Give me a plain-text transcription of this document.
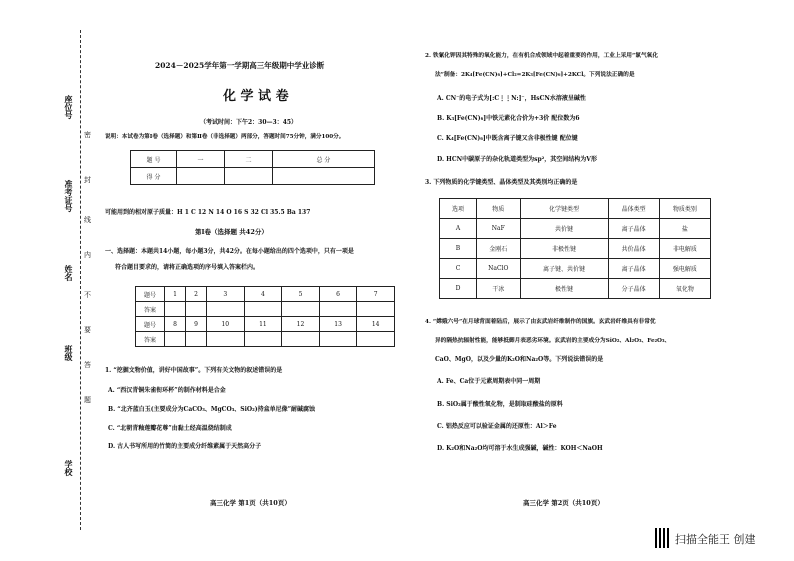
座位号
准考证号
姓名
班级
学校
密
封
线
内
不
要
答
题
2024－2025学年第一学期高三年级期中学业诊断
化 学 试 卷
（考试时间：下午2：30—3：45）
说明：本试卷为第Ⅰ卷（选择题）和第Ⅱ卷（非选择题）两部分，答题时间75分钟，满分100分。
题 号	一	二	总 分
得 分			
可能用到的相对原子质量：H 1 C 12 N 14 O 16 S 32 Cl 35.5 Ba 137
第Ⅰ卷（选择题 共42分）
一、选择题：本题共14小题，每小题3分，共42分。在每小题给出的四个选项中，只有一项是
符合题目要求的，请将正确选项的序号填入答案栏内。
题号	1	2	3	4	5	6	7
答案							
题号	8	9	10	11	12	13	14
答案							
1. “挖掘文物价值，讲好中国故事”。下列有关文物的叙述错误的是
A. “西汉青铜朱雀衔环杯”的制作材料是合金
B. “北齐蓝白玉(主要成分为CaCO₃、MgCO₃、SiO₂)持盒单尼像”耐碱腐蚀
C. “北朝青釉莲瓣花尊”由黏土经高温烧结制成
D. 古人书写所用的竹简的主要成分纤维素属于天然高分子
高三化学 第1页（共10页）
2. 铁氰化钾因其特殊的氧化能力，在有机合成领域中起着重要的作用，工业上采用“氯气氧化
法”制备：2K₄[Fe(CN)₆]+Cl₂=2K₃[Fe(CN)₆]+2KCl。下列说法正确的是
A. CN⁻的电子式为[:C⋮⋮N:]⁻，HsCN水溶液呈碱性
B. K₃[Fe(CN)₆]中铁元素化合价为+3价 配位数为6
C. K₄[Fe(CN)₆]中既含离子键又含非极性键 配位键
D. HCN中碳原子的杂化轨道类型为sp²，其空间结构为V形
3. 下列物质的化学键类型、晶体类型及其类别均正确的是
选项	物质	化学键类型	晶体类型	物质类别
A	NaF	共价键	离子晶体	盐
B	金刚石	非极性键	共价晶体	非电解质
C	NaClO	离子键、共价键	离子晶体	强电解质
D	干冰	极性键	分子晶体	氧化物
4. “嫦娥六号”在月球背面着陆后，展示了由玄武岩纤维制作的国旗。玄武岩纤维具有非常优
异的隔热抗辐射性能，能够抵御月表恶劣环境。玄武岩的主要成分为SiO₂、Al₂O₃、Fe₂O₃、
CaO、MgO，以及少量的K₂O和Na₂O等。下列说法错误的是
A. Fe、Ca位于元素周期表中同一周期
B. SiO₂属于酸性氧化物，是制取硅酸盐的原料
C. 铝热反应可以验证金属的还原性：Al＞Fe
D. K₂O和Na₂O均可溶于水生成强碱，碱性：KOH＜NaOH
高三化学 第2页（共10页）
扫描全能王 创建
